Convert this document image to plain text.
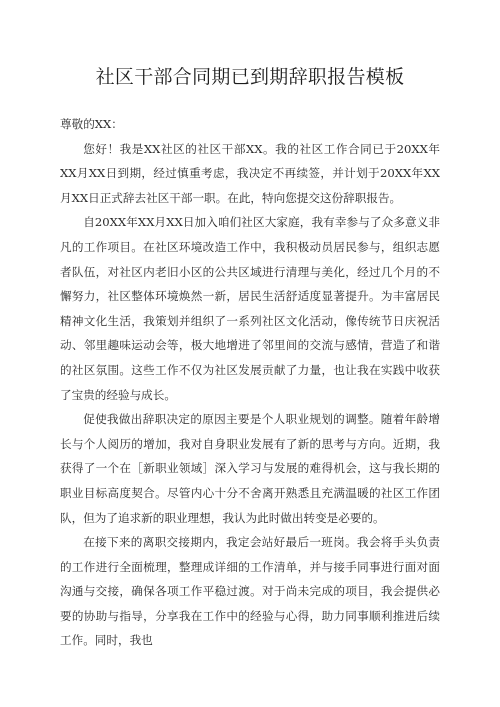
社区干部合同期已到期辞职报告模板

尊敬的XX：

您好！我是XX社区的社区干部XX。我的社区工作合同已于20XX年XX月XX日到期，经过慎重考虑，我决定不再续签，并计划于20XX年XX月XX日正式辞去社区干部一职。在此，特向您提交这份辞职报告。

自20XX年XX月XX日加入咱们社区大家庭，我有幸参与了众多意义非凡的工作项目。在社区环境改造工作中，我积极动员居民参与，组织志愿者队伍，对社区内老旧小区的公共区域进行清理与美化，经过几个月的不懈努力，社区整体环境焕然一新，居民生活舒适度显著提升。为丰富居民精神文化生活，我策划并组织了一系列社区文化活动，像传统节日庆祝活动、邻里趣味运动会等，极大地增进了邻里间的交流与感情，营造了和谐的社区氛围。这些工作不仅为社区发展贡献了力量，也让我在实践中收获了宝贵的经验与成长。

促使我做出辞职决定的原因主要是个人职业规划的调整。随着年龄增长与个人阅历的增加，我对自身职业发展有了新的思考与方向。近期，我获得了一个在［新职业领域］深入学习与发展的难得机会，这与我长期的职业目标高度契合。尽管内心十分不舍离开熟悉且充满温暖的社区工作团队，但为了追求新的职业理想，我认为此时做出转变是必要的。

在接下来的离职交接期内，我定会站好最后一班岗。我会将手头负责的工作进行全面梳理，整理成详细的工作清单，并与接手同事进行面对面沟通与交接，确保各项工作平稳过渡。对于尚未完成的项目，我会提供必要的协助与指导，分享我在工作中的经验与心得，助力同事顺利推进后续工作。同时，我也
